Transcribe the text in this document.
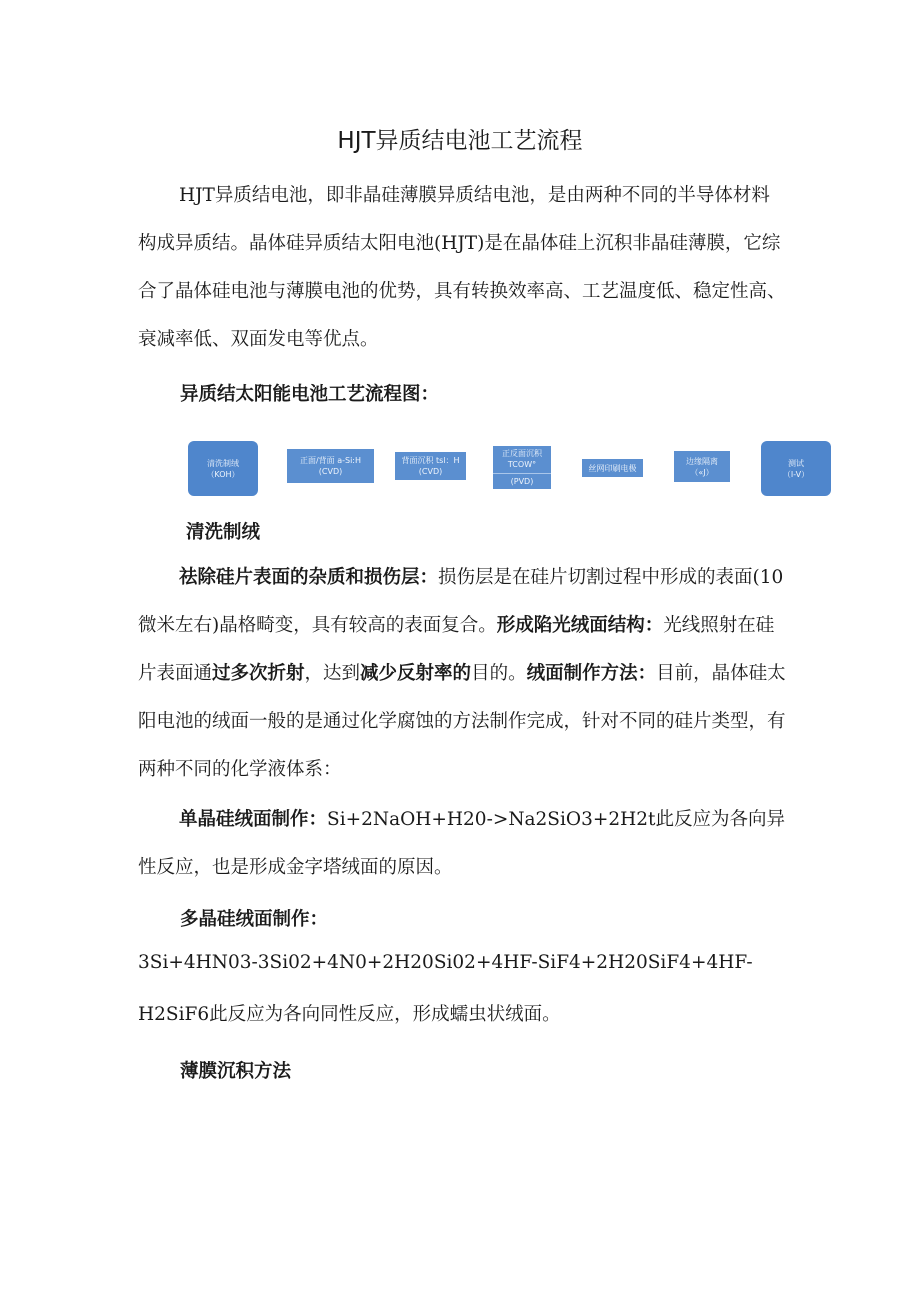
HJT异质结电池工艺流程

HJT异质结电池，即非晶硅薄膜异质结电池，是由两种不同的半导体材料构成异质结。晶体硅异质结太阳电池(HJT)是在晶体硅上沉积非晶硅薄膜，它综合了晶体硅电池与薄膜电池的优势，具有转换效率高、工艺温度低、稳定性高、衰减率低、双面发电等优点。

异质结太阳能电池工艺流程图：
清洗制绒
（KOH）
正面/背面 a-Si:H
(CVD)
背面沉积 tsl：H
(CVD)
正反面沉积
TCOW°
(PVD)
丝网印刷电极
边缘隔离
（«J）
测试
（I-V）
清洗制绒

祛除硅片表面的杂质和损伤层：损伤层是在硅片切割过程中形成的表面(10微米左右)晶格畸变，具有较高的表面复合。形成陷光绒面结构：光线照射在硅片表面通过多次折射，达到减少反射率的目的。绒面制作方法：目前，晶体硅太阳电池的绒面一般的是通过化学腐蚀的方法制作完成，针对不同的硅片类型，有两种不同的化学液体系：

单晶硅绒面制作：Si+2NaOH+H20->Na2SiO3+2H2t此反应为各向异性反应，也是形成金字塔绒面的原因。

多晶硅绒面制作：
3Si+4HN03-3Si02+4N0+2H20Si02+4HF-SiF4+2H20SiF4+4HF-
H2SiF6此反应为各向同性反应，形成蠕虫状绒面。
薄膜沉积方法
